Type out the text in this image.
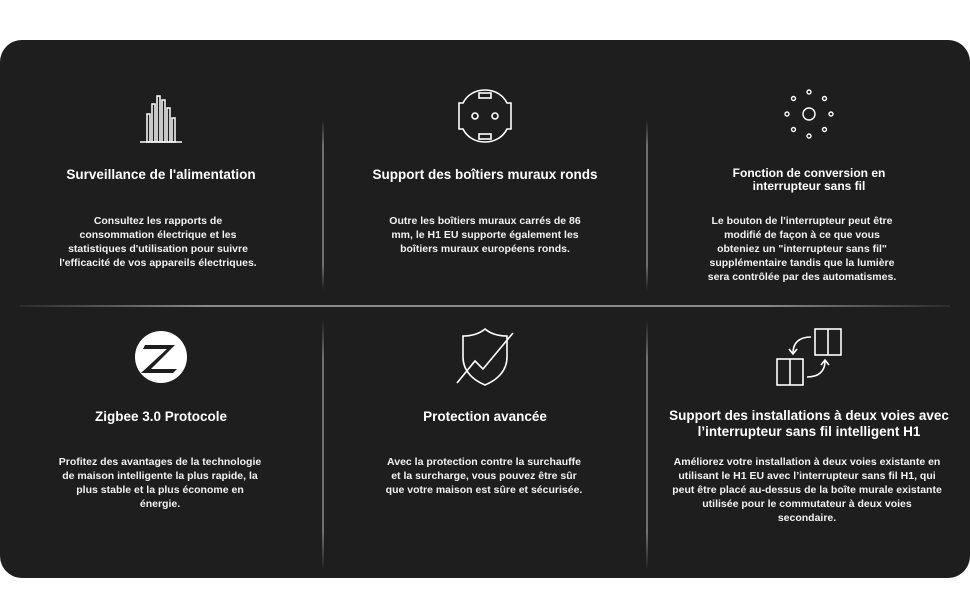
Surveillance de l'alimentation
Consultez les rapports de consommation électrique et les statistiques d'utilisation pour suivre l'efficacité de vos appareils électriques.
Support des boîtiers muraux ronds
Outre les boîtiers muraux carrés de 86 mm, le H1 EU supporte également les boîtiers muraux européens ronds.
Fonction de conversion en interrupteur sans fil
Le bouton de l'interrupteur peut être modifié de façon à ce que vous obteniez un "interrupteur sans fil" supplémentaire tandis que la lumière sera contrôlée par des automatismes.
Zigbee 3.0 Protocole
Profitez des avantages de la technologie de maison intelligente la plus rapide, la plus stable et la plus économe en énergie.
Protection avancée
Avec la protection contre la surchauffe et la surcharge, vous pouvez être sûr que votre maison est sûre et sécurisée.
Support des installations à deux voies avec l’interrupteur sans fil intelligent H1
Améliorez votre installation à deux voies existante en utilisant le H1 EU avec l’interrupteur sans fil H1, qui peut être placé au-dessus de la boîte murale existante utilisée pour le commutateur à deux voies secondaire.
